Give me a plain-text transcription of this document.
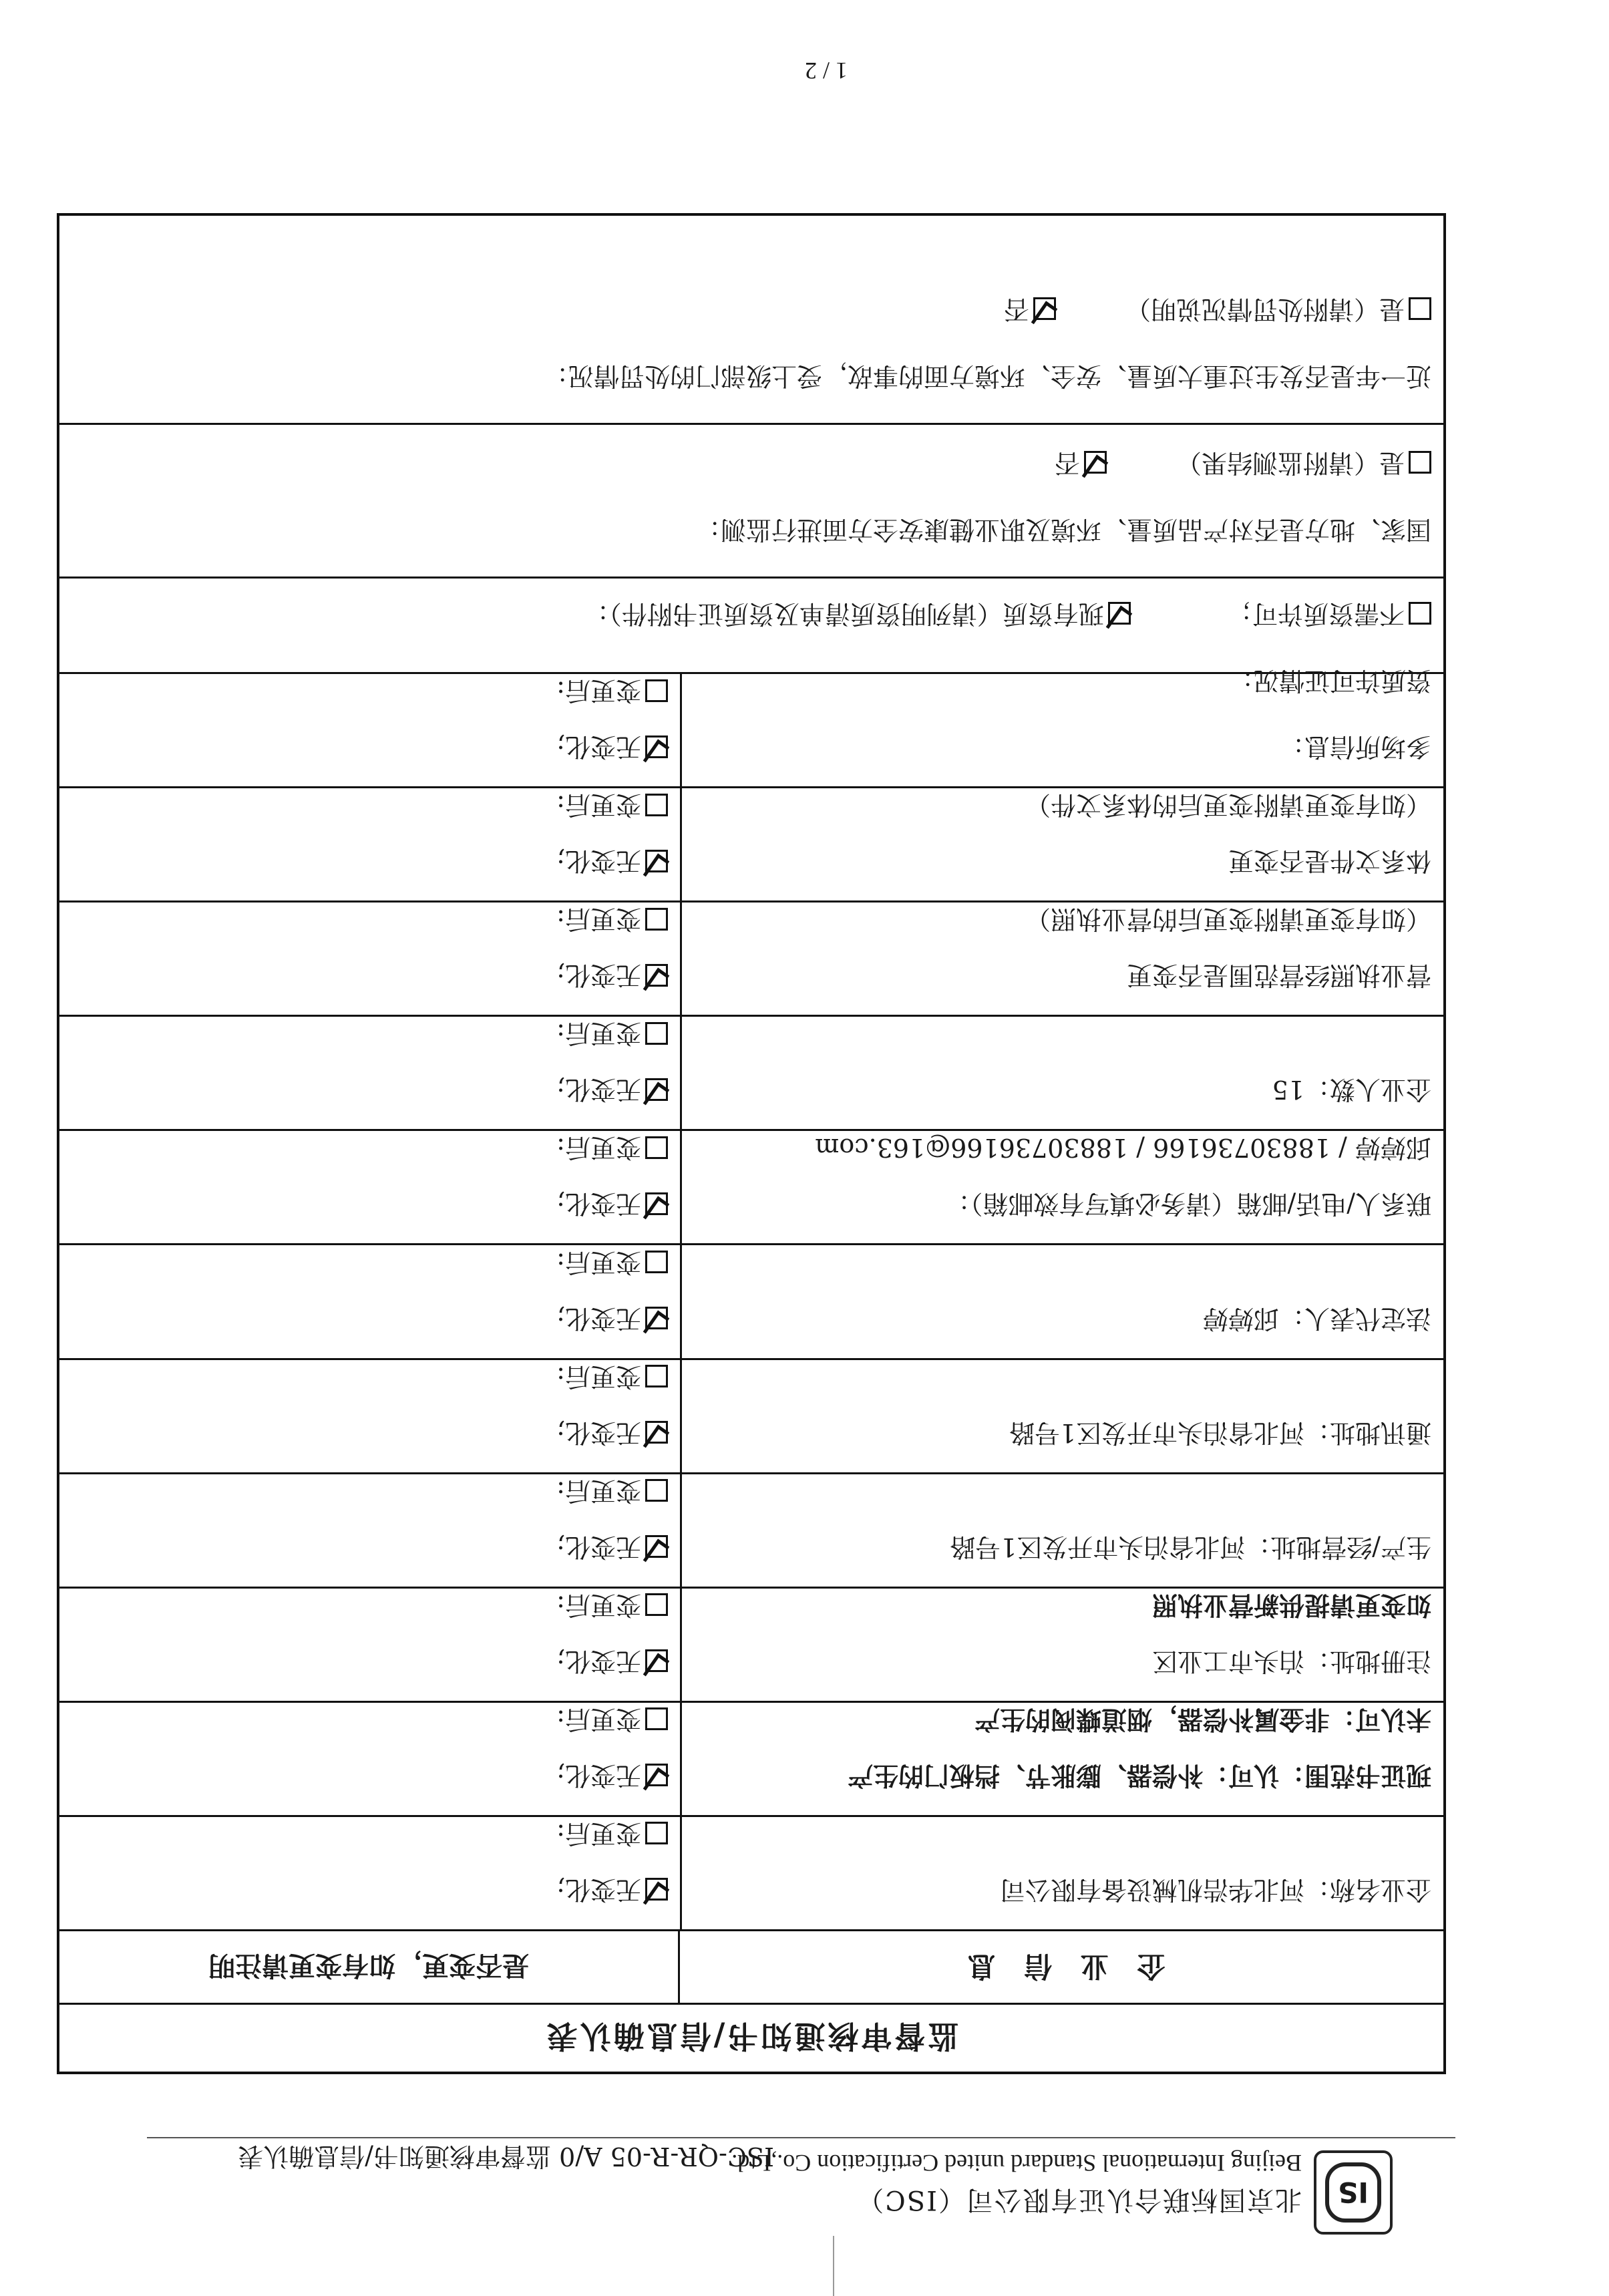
IS
北京国标联合认证有限公司（ISC）
Beijing International Standard united Certification Co.,Ltd.
ISC-QR-R-05 A/0 监督审核通知书/信息确认表
监督审核通知书/信息确认表
企 业 信 息
是否变更，如有变更请注明
企业名称：河北华浩机械设备有限公司
无变化;
变更后:
现证书范围：认可：补偿器、膨胀节、挡板门的生产
未认可：非金属补偿器，烟道蝶阀的生产
无变化;
变更后:
注册地址：泊头市工业区
如变更请提供新营业执照
无变化;
变更后:
生产/经营地址：河北省泊头市开发区1号路
无变化;
变更后:
通讯地址：河北省泊头市开发区1号路
无变化;
变更后:
法定代表人：邱婷婷
无变化;
变更后:
联系人/电话/邮箱（请务必填写有效邮箱）：
邱婷婷 / 18830736166 / 18830736166@163.com
无变化;
变更后:
企业人数：15
无变化;
变更后:
营业执照经营范围是否变更
（如有变更请附变更后的营业执照）
无变化;
变更后:
体系文件是否变更
（如有变更请附变更后的体系文件）
无变化;
变更后:
多场所信息：
无变化;
变更后:	资质许可证情况：
不需资质许可；  现有资质（请列明资质清单及资质证书附件）：
国家、地方是否对产品质量、环境及职业健康安全方面进行监测：
是（请附监测结果）  否
近一年是否发生过重大质量、安全、环境方面的事故，受上级部门的处罚情况：
是（请附处罚情况说明）  否
1 / 2
